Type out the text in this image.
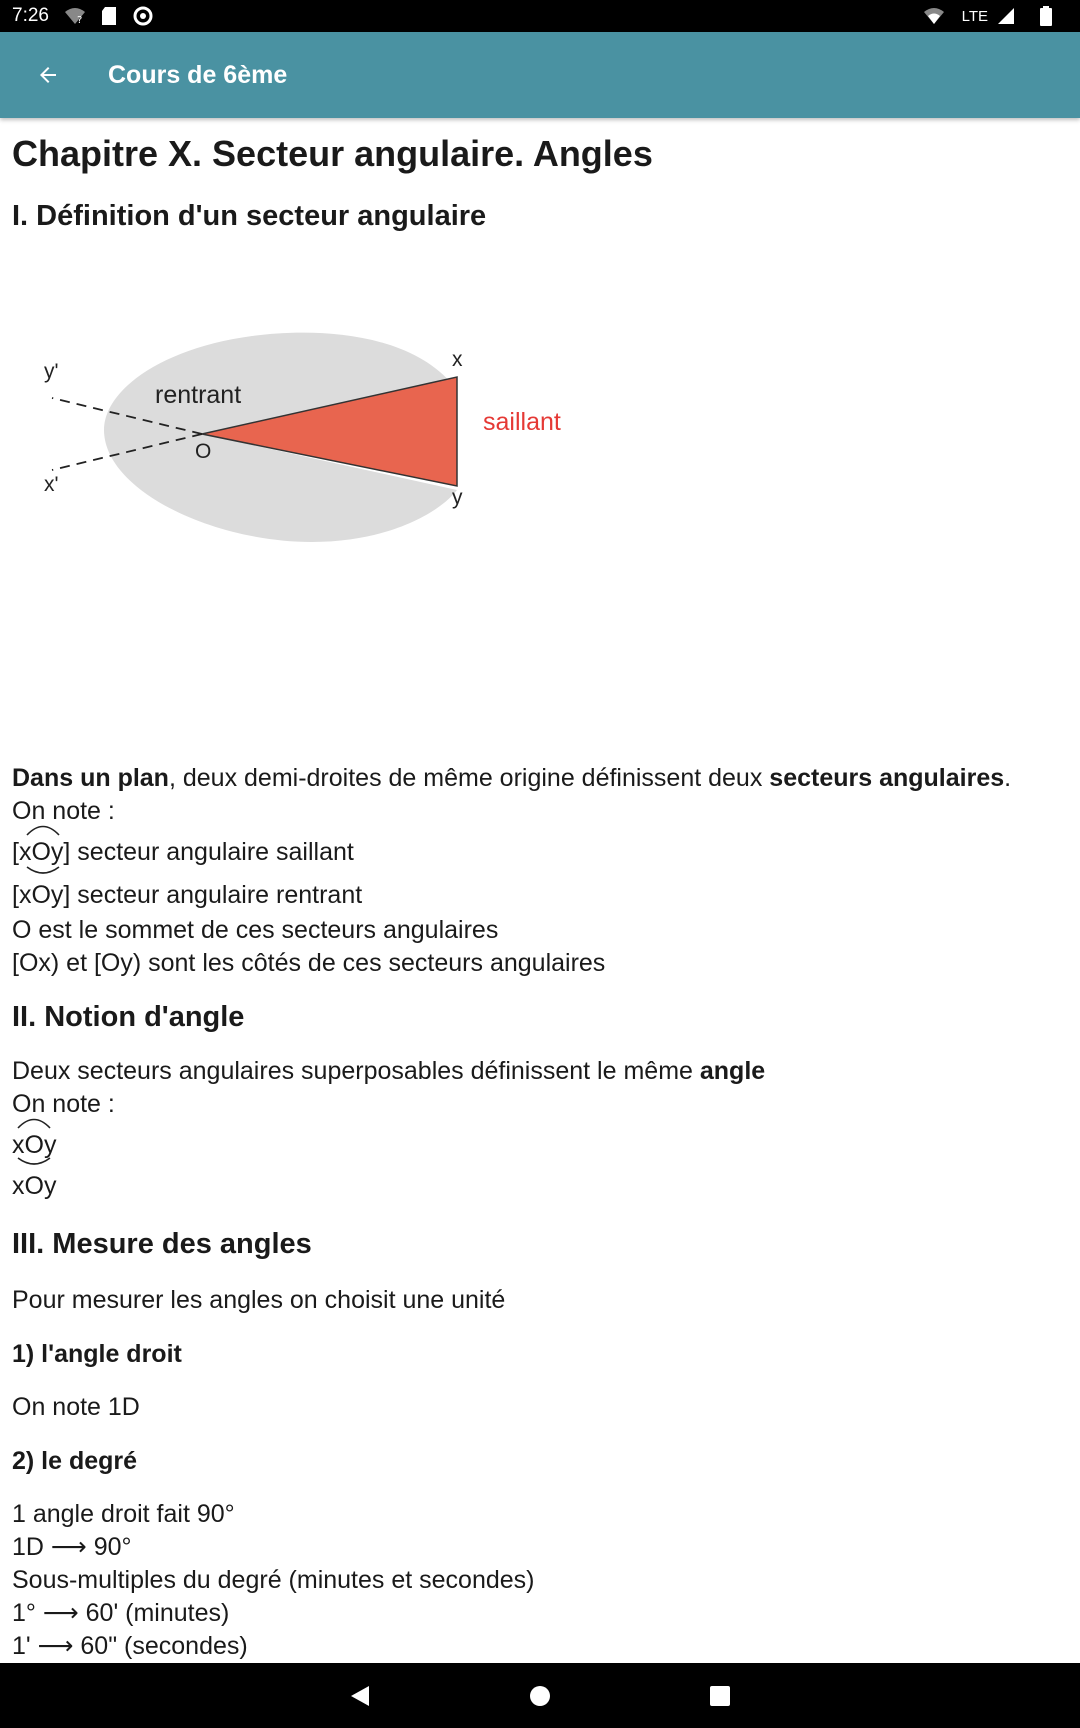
7:26	?	LTE
Cours de 6ème
Chapitre X. Secteur angulaire. Angles
I. Définition d'un secteur angulaire
y'
x'
rentrant
O
x
y
saillant

Dans un plan, deux demi-droites de même origine définissent deux secteurs angulaires.

On note :

[
xOy] secteur angulaire saillant

[
xOy] secteur angulaire rentrant

O est le sommet de ces secteurs angulaires

[Ox) et [Oy) sont les côtés de ces secteurs angulaires

II. Notion d'angle

Deux secteurs angulaires superposables définissent le même angle

On note :

xOy

xOy

III. Mesure des angles

Pour mesurer les angles on choisit une unité

1) l'angle droit

On note 1D

2) le degré

1 angle droit fait 90°

1D ⟶ 90°

Sous-multiples du degré (minutes et secondes)

1° ⟶ 60' (minutes)

1' ⟶ 60" (secondes)
